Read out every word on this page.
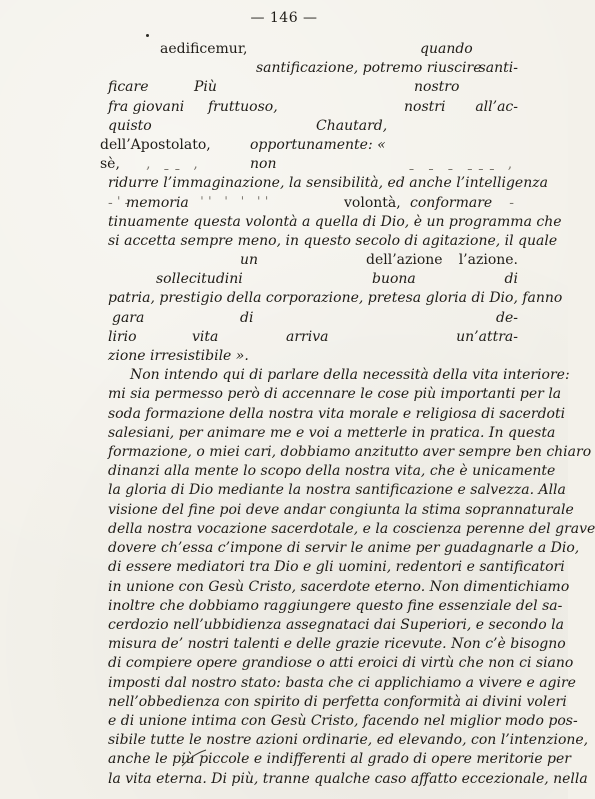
— 146 —
aedificemur,	quando
santificazione, potremo riuscire
santi-
ficare	Più	nostro
fra giovani fruttuoso,	nostri all’ac-
quisto	Chautard,
dell’Apostolato,	opportunamente: «
sè, ‚ ˍˍ ,	non	ˍ ˍ ˍ ˍˍˍ ,
ridurre l’immaginazione, la sensibilità, ed anche l’intelligenza
-ˈ-
memoria ˈˈ ˈ ˈ ˈˈ	volontà, conformare -
tinuamente questa volontà a quella di Dio, è un programma che
si accetta sempre meno, in questo secolo di agitazione, il quale
un	dell’azione l’azione.
sollecitudini	buona	di
patria, prestigio della corporazione, pretesa gloria di Dio, fanno
gara	di	de-
lirio	vita	arriva	un’attra-
zione irresistibile ».
Non intendo qui di parlare della necessità della vita interiore:
mi sia permesso però di accennare le cose più importanti per la
soda formazione della nostra vita morale e religiosa di sacerdoti
salesiani, per animare me e voi a metterle in pratica. In questa
formazione, o miei cari, dobbiamo anzitutto aver sempre ben chiaro
dinanzi alla mente lo scopo della nostra vita, che è unicamente
la gloria di Dio mediante la nostra santificazione e salvezza. Alla
visione del fine poi deve andar congiunta la stima soprannaturale
della nostra vocazione sacerdotale, e la coscienza perenne del grave
dovere ch’essa c’impone di servir le anime per guadagnarle a Dio,
di essere mediatori tra Dio e gli uomini, redentori e santificatori
in unione con Gesù Cristo, sacerdote eterno. Non dimentichiamo
inoltre che dobbiamo raggiungere questo fine essenziale del sa-
cerdozio nell’ubbidienza assegnataci dai Superiori, e secondo la
misura de’ nostri talenti e delle grazie ricevute. Non c’è bisogno
di compiere opere grandiose o atti eroici di virtù che non ci siano
imposti dal nostro stato: basta che ci applichiamo a vivere e agire
nell’obbedienza con spirito di perfetta conformità ai divini voleri
e di unione intima con Gesù Cristo, facendo nel miglior modo pos-
sibile tutte le nostre azioni ordinarie, ed elevando, con l’intenzione,
anche le più piccole e indifferenti al grado di opere meritorie per
la vita eterna. Di più, tranne qualche caso affatto eccezionale, nella
